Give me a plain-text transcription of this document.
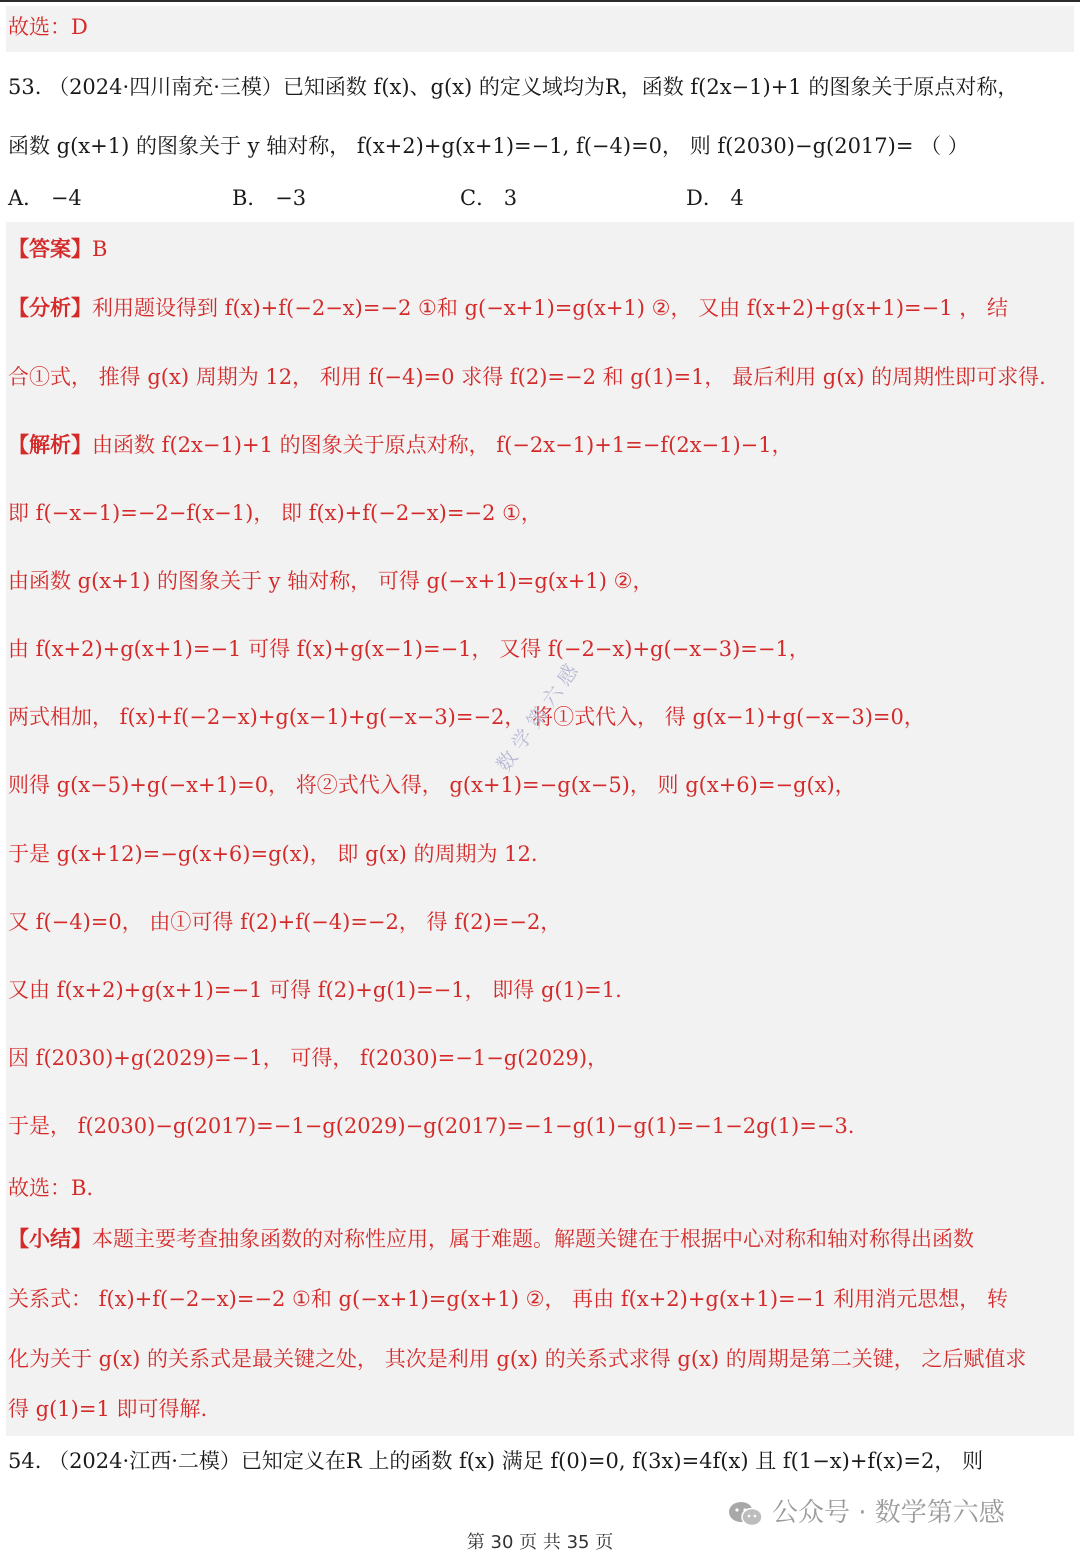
故选：D
53. （2024·四川南充·三模）已知函数 f(x)、g(x) 的定义域均为R，函数 f(2x−1)+1 的图象关于原点对称，
函数 g(x+1) 的图象关于 y 轴对称， f(x+2)+g(x+1)=−1, f(−4)=0， 则 f(2030)−g(2017)= （ ）
A． −4	B． −3	C． 3	D． 4
【答案】B
【分析】利用题设得到 f(x)+f(−2−x)=−2 ①和 g(−x+1)=g(x+1) ②， 又由 f(x+2)+g(x+1)=−1 ， 结
合①式， 推得 g(x) 周期为 12， 利用 f(−4)=0 求得 f(2)=−2 和 g(1)=1， 最后利用 g(x) 的周期性即可求得.
【解析】由函数 f(2x−1)+1 的图象关于原点对称， f(−2x−1)+1=−f(2x−1)−1，
即 f(−x−1)=−2−f(x−1)， 即 f(x)+f(−2−x)=−2 ①，
由函数 g(x+1) 的图象关于 y 轴对称， 可得 g(−x+1)=g(x+1) ②，
由 f(x+2)+g(x+1)=−1 可得 f(x)+g(x−1)=−1， 又得 f(−2−x)+g(−x−3)=−1，
两式相加， f(x)+f(−2−x)+g(x−1)+g(−x−3)=−2， 将①式代入， 得 g(x−1)+g(−x−3)=0，
则得 g(x−5)+g(−x+1)=0， 将②式代入得， g(x+1)=−g(x−5)， 则 g(x+6)=−g(x)，
于是 g(x+12)=−g(x+6)=g(x)， 即 g(x) 的周期为 12.
又 f(−4)=0， 由①可得 f(2)+f(−4)=−2， 得 f(2)=−2，
又由 f(x+2)+g(x+1)=−1 可得 f(2)+g(1)=−1， 即得 g(1)=1.
因 f(2030)+g(2029)=−1， 可得， f(2030)=−1−g(2029)，
于是， f(2030)−g(2017)=−1−g(2029)−g(2017)=−1−g(1)−g(1)=−1−2g(1)=−3.
故选：B.
【小结】本题主要考查抽象函数的对称性应用，属于难题。解题关键在于根据中心对称和轴对称得出函数
关系式： f(x)+f(−2−x)=−2 ①和 g(−x+1)=g(x+1) ②， 再由 f(x+2)+g(x+1)=−1 利用消元思想， 转
化为关于 g(x) 的关系式是最关键之处， 其次是利用 g(x) 的关系式求得 g(x) 的周期是第二关键， 之后赋值求
得 g(1)=1 即可得解.
54. （2024·江西·二模）已知定义在R 上的函数 f(x) 满足 f(0)=0, f(3x)=4f(x) 且 f(1−x)+f(x)=2， 则
数 学 第 六 感
公众号 · 数学第六感
第 30 页 共 35 页
